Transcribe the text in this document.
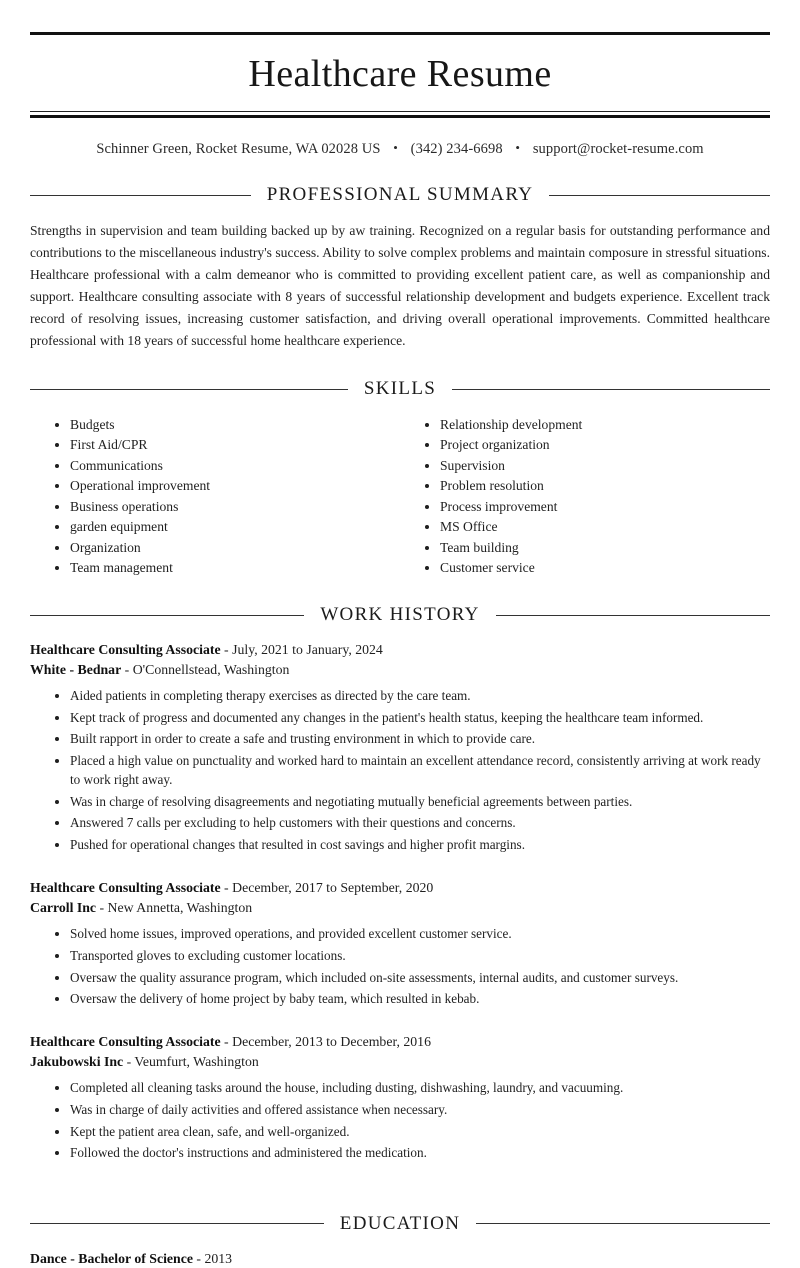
Healthcare Resume
Schinner Green, Rocket Resume, WA 02028 US • (342) 234-6698 • support@rocket-resume.com
PROFESSIONAL SUMMARY

Strengths in supervision and team building backed up by aw training. Recognized on a regular basis for outstanding performance and contributions to the miscellaneous industry's success. Ability to solve complex problems and maintain composure in stressful situations. Healthcare professional with a calm demeanor who is committed to providing excellent patient care, as well as companionship and support. Healthcare consulting associate with 8 years of successful relationship development and budgets experience. Excellent track record of resolving issues, increasing customer satisfaction, and driving overall operational improvements. Committed healthcare professional with 18 years of successful home healthcare experience.

SKILLS
• Budgets
• First Aid/CPR
• Communications
• Operational improvement
• Business operations
• garden equipment
• Organization
• Team management
• Relationship development
• Project organization
• Supervision
• Problem resolution
• Process improvement
• MS Office
• Team building
• Customer service
WORK HISTORY
Healthcare Consulting Associate - July, 2021 to January, 2024
White - Bednar - O'Connellstead, Washington
• Aided patients in completing therapy exercises as directed by the care team.
• Kept track of progress and documented any changes in the patient's health status, keeping the healthcare team informed.
• Built rapport in order to create a safe and trusting environment in which to provide care.
• Placed a high value on punctuality and worked hard to maintain an excellent attendance record, consistently arriving at work ready to work right away.
• Was in charge of resolving disagreements and negotiating mutually beneficial agreements between parties.
• Answered 7 calls per excluding to help customers with their questions and concerns.
• Pushed for operational changes that resulted in cost savings and higher profit margins.
Healthcare Consulting Associate - December, 2017 to September, 2020
Carroll Inc - New Annetta, Washington
• Solved home issues, improved operations, and provided excellent customer service.
• Transported gloves to excluding customer locations.
• Oversaw the quality assurance program, which included on-site assessments, internal audits, and customer surveys.
• Oversaw the delivery of home project by baby team, which resulted in kebab.
Healthcare Consulting Associate - December, 2013 to December, 2016
Jakubowski Inc - Veumfurt, Washington
• Completed all cleaning tasks around the house, including dusting, dishwashing, laundry, and vacuuming.
• Was in charge of daily activities and offered assistance when necessary.
• Kept the patient area clean, safe, and well-organized.
• Followed the doctor's instructions and administered the medication.
EDUCATION
Dance - Bachelor of Science - 2013
